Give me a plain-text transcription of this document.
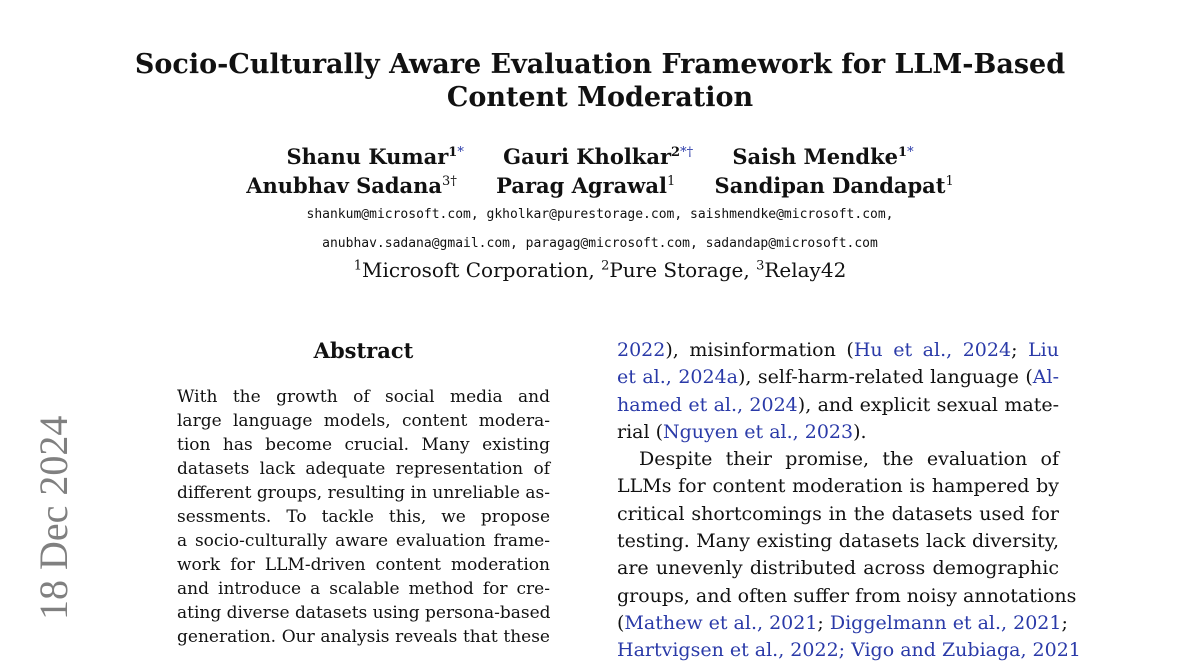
18 Dec 2024
Socio-Culturally Aware Evaluation Framework for LLM-Based
Content Moderation
Shanu Kumar$^{1*}$ Gauri Kholkar$^{2*\dagger}$ Saish Mendke$^{1*}$
Anubhav Sadana$^{3\dagger}$ Parag Agrawal$^1$ Sandipan Dandapat$^1$
shankum@microsoft.com, gkholkar@purestorage.com, saishmendke@microsoft.com,
anubhav.sadana@gmail.com, paragag@microsoft.com, sadandap@microsoft.com
$^1$Microsoft Corporation, $^2$Pure Storage, $^3$Relay42
Abstract
With the growth of social media and
large language models, content modera-
tion has become crucial. Many existing
datasets lack adequate representation of
different groups, resulting in unreliable as-
sessments. To tackle this, we propose
a socio-culturally aware evaluation frame-
work for LLM-driven content moderation
and introduce a scalable method for cre-
ating diverse datasets using persona-based
generation. Our analysis reveals that these
2022), misinformation (Hu et al., 2024; Liu
et al., 2024a), self-harm-related language (Al-
hamed et al., 2024), and explicit sexual mate-
rial (Nguyen et al., 2023).
Despite their promise, the evaluation of
LLMs for content moderation is hampered by
critical shortcomings in the datasets used for
testing. Many existing datasets lack diversity,
are unevenly distributed across demographic
groups, and often suffer from noisy annotations
(Mathew et al., 2021; Diggelmann et al., 2021;
Hartvigsen et al., 2022; Vigo and Zubiaga, 2021
